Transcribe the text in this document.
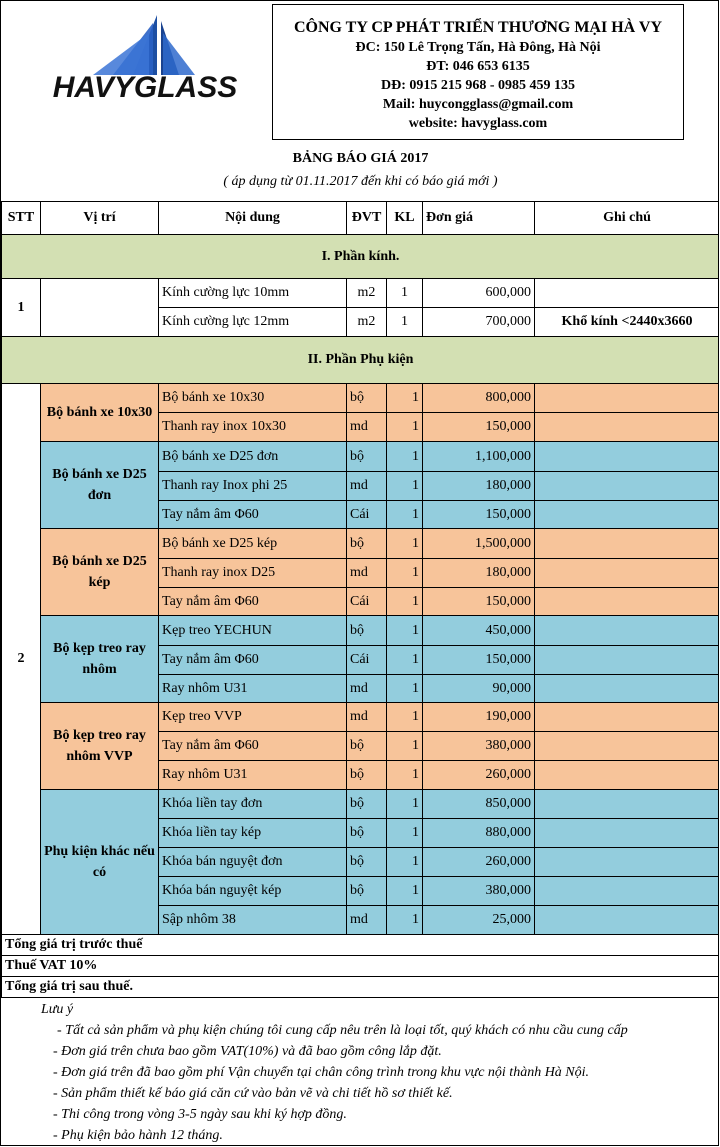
HAVYGLASS
CÔNG TY CP PHÁT TRIỂN THƯƠNG MẠI HÀ VY
ĐC: 150 Lê Trọng Tấn, Hà Đông, Hà Nội
ĐT: 046 653 6135
DĐ: 0915 215 968 - 0985 459 135
Mail: huycongglass@gmail.com
website: havyglass.com
BẢNG BÁO GIÁ 2017
( áp dụng từ 01.11.2017 đến khi có báo giá mới )
STT	Vị trí	Nội dung	ĐVT	KL	Đơn giá	Ghi chú
I. Phần kính.						
1		Kính cường lực 10mm	m2	1	600,000	
		Kính cường lực 12mm	m2	1	700,000	Khổ kính <2440x3660
II. Phần Phụ kiện						
2	Bộ bánh xe 10x30	Bộ bánh xe 10x30	bộ	1	800,000	
		Thanh ray inox 10x30	md	1	150,000	
	Bộ bánh xe D25 đơn	Bộ bánh xe D25 đơn	bộ	1	1,100,000	
		Thanh ray Inox phi 25	md	1	180,000	
		Tay nắm âm Φ60	Cái	1	150,000	
	Bộ bánh xe D25 kép	Bộ bánh xe D25 kép	bộ	1	1,500,000	
		Thanh ray inox D25	md	1	180,000	
		Tay nắm âm Φ60	Cái	1	150,000	
	Bộ kẹp treo ray nhôm	Kẹp treo YECHUN	bộ	1	450,000	
		Tay nắm âm Φ60	Cái	1	150,000	
		Ray nhôm U31	md	1	90,000	
	Bộ kẹp treo ray nhôm VVP	Kẹp treo VVP	md	1	190,000	
		Tay nắm âm Φ60	bộ	1	380,000	
		Ray nhôm U31	bộ	1	260,000	
	Phụ kiện khác nếu có	Khóa liền tay đơn	bộ	1	850,000	
		Khóa liền tay kép	bộ	1	880,000	
		Khóa bán nguyệt đơn	bộ	1	260,000	
		Khóa bán nguyệt kép	bộ	1	380,000	
		Sập nhôm 38	md	1	25,000	
Tổng giá trị trước thuế						
Thuế VAT 10%						
Tổng giá trị sau thuế.						
Lưu ý
- Tất cả sản phẩm và phụ kiện chúng tôi cung cấp nêu trên là loại tốt, quý khách có nhu cầu cung cấp
- Đơn giá trên chưa bao gồm VAT(10%) và đã bao gồm công lắp đặt.
- Đơn giá trên đã bao gồm phí Vận chuyển tại chân công trình trong khu vực nội thành Hà Nội.
- Sản phẩm thiết kế báo giá căn cứ vào bản vẽ và chi tiết hồ sơ thiết kế.
- Thi công trong vòng 3-5 ngày sau khi ký hợp đồng.
- Phụ kiện bảo hành 12 tháng.
